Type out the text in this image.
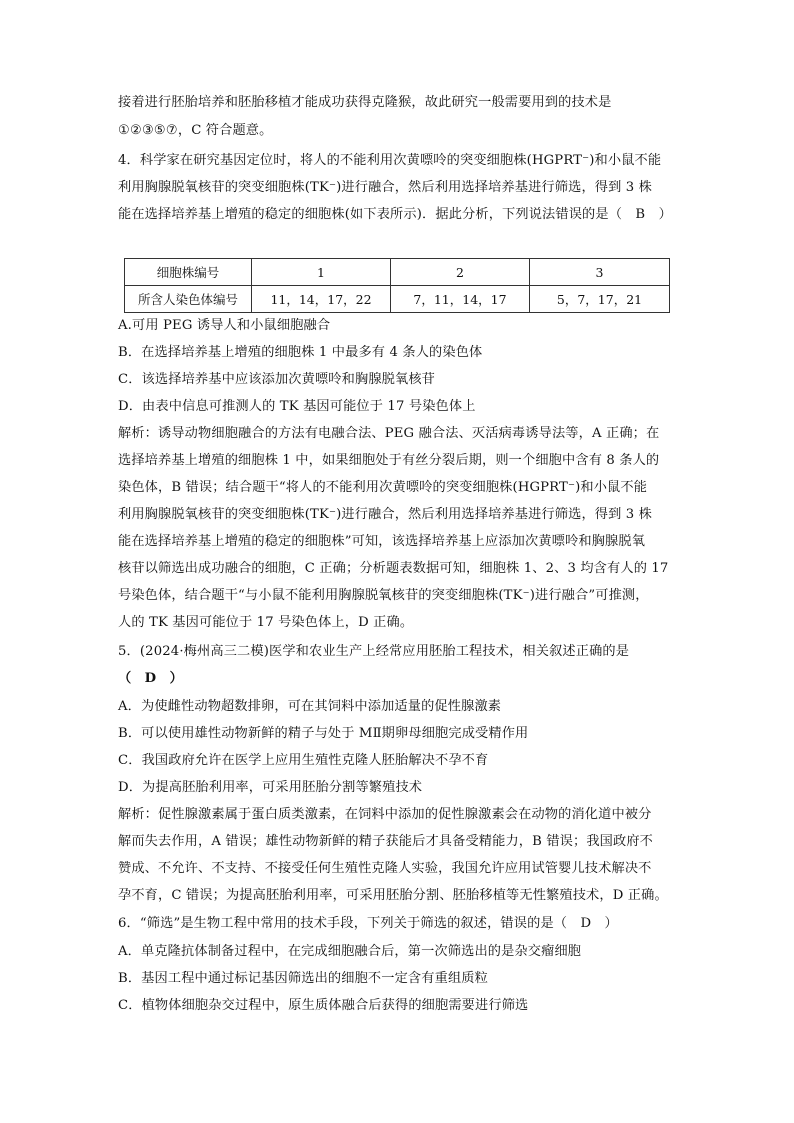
接着进行胚胎培养和胚胎移植才能成功获得克隆猴，故此研究一般需要用到的技术是
①②③⑤⑦，C 符合题意。
4．科学家在研究基因定位时，将人的不能利用次黄嘌呤的突变细胞株(HGPRT⁻)和小鼠不能
利用胸腺脱氧核苷的突变细胞株(TK⁻)进行融合，然后利用选择培养基进行筛选，得到 3 株
能在选择培养基上增殖的稳定的细胞株(如下表所示)．据此分析，下列说法错误的是（　B　）
细胞株编号	1	2	3
所含人染色体编号	11，14，17，22	7，11，14，17	5，7，17，21
A.可用 PEG 诱导人和小鼠细胞融合
B．在选择培养基上增殖的细胞株 1 中最多有 4 条人的染色体
C．该选择培养基中应该添加次黄嘌呤和胸腺脱氧核苷
D．由表中信息可推测人的 TK 基因可能位于 17 号染色体上
解析：诱导动物细胞融合的方法有电融合法、PEG 融合法、灭活病毒诱导法等，A 正确；在
选择培养基上增殖的细胞株 1 中，如果细胞处于有丝分裂后期，则一个细胞中含有 8 条人的
染色体，B 错误；结合题干“将人的不能利用次黄嘌呤的突变细胞株(HGPRT⁻)和小鼠不能
利用胸腺脱氧核苷的突变细胞株(TK⁻)进行融合，然后利用选择培养基进行筛选，得到 3 株
能在选择培养基上增殖的稳定的细胞株”可知，该选择培养基上应添加次黄嘌呤和胸腺脱氧
核苷以筛选出成功融合的细胞，C 正确；分析题表数据可知，细胞株 1、2、3 均含有人的 17
号染色体，结合题干“与小鼠不能利用胸腺脱氧核苷的突变细胞株(TK⁻)进行融合”可推测，
人的 TK 基因可能位于 17 号染色体上，D 正确。
5．(2024·梅州高三二模)医学和农业生产上经常应用胚胎工程技术，相关叙述正确的是
（　D　）
A．为使雌性动物超数排卵，可在其饲料中添加适量的促性腺激素
B．可以使用雄性动物新鲜的精子与处于 MⅡ期卵母细胞完成受精作用
C．我国政府允许在医学上应用生殖性克隆人胚胎解决不孕不育
D．为提高胚胎利用率，可采用胚胎分割等繁殖技术
解析：促性腺激素属于蛋白质类激素，在饲料中添加的促性腺激素会在动物的消化道中被分
解而失去作用，A 错误；雄性动物新鲜的精子获能后才具备受精能力，B 错误；我国政府不
赞成、不允许、不支持、不接受任何生殖性克隆人实验，我国允许应用试管婴儿技术解决不
孕不育，C 错误；为提高胚胎利用率，可采用胚胎分割、胚胎移植等无性繁殖技术，D 正确。
6．“筛选”是生物工程中常用的技术手段，下列关于筛选的叙述，错误的是（　D　）
A．单克隆抗体制备过程中，在完成细胞融合后，第一次筛选出的是杂交瘤细胞
B．基因工程中通过标记基因筛选出的细胞不一定含有重组质粒
C．植物体细胞杂交过程中，原生质体融合后获得的细胞需要进行筛选
